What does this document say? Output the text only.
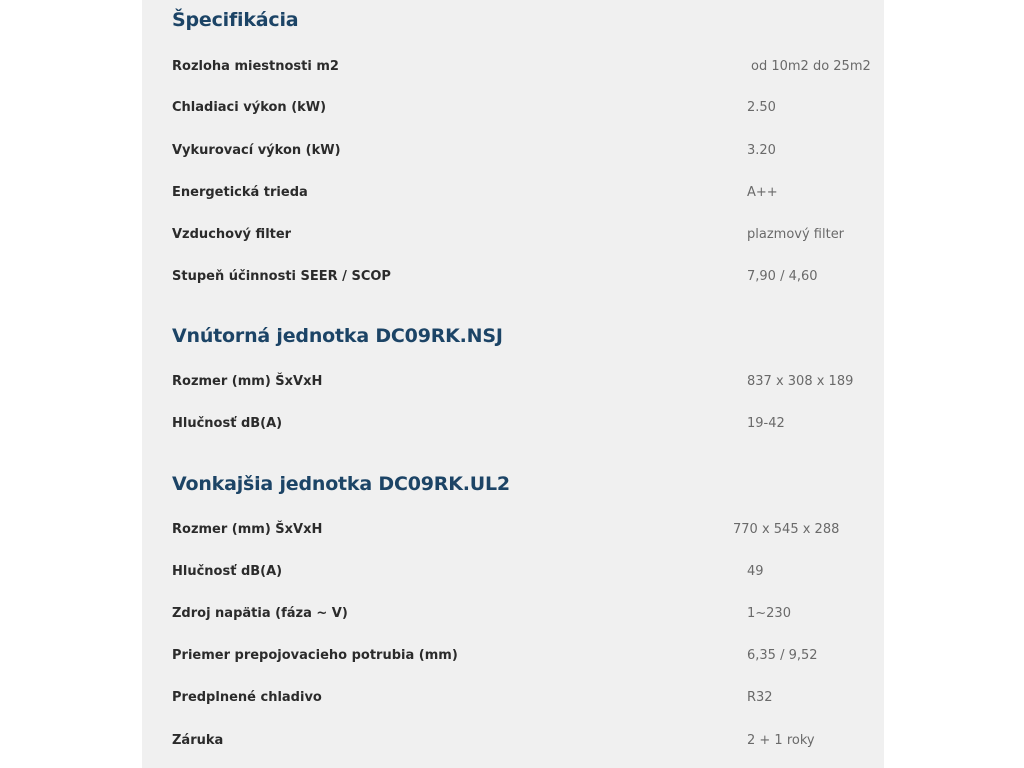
Špecifikácia
Rozloha miestnosti m2	od 10m2 do 25m2
Chladiaci výkon (kW)	2.50
Vykurovací výkon (kW)	3.20
Energetická trieda	A++
Vzduchový filter	plazmový filter
Stupeň účinnosti SEER / SCOP	7,90 / 4,60
Vnútorná jednotka DC09RK.NSJ
Rozmer (mm) ŠxVxH	837 x 308 x 189
Hlučnosť dB(A)	19-42
Vonkajšia jednotka DC09RK.UL2
Rozmer (mm) ŠxVxH	770 x 545 x 288
Hlučnosť dB(A)	49
Zdroj napätia (fáza ~ V)	1~230
Priemer prepojovacieho potrubia (mm)	6,35 / 9,52
Predplnené chladivo	R32
Záruka	2 + 1 roky
